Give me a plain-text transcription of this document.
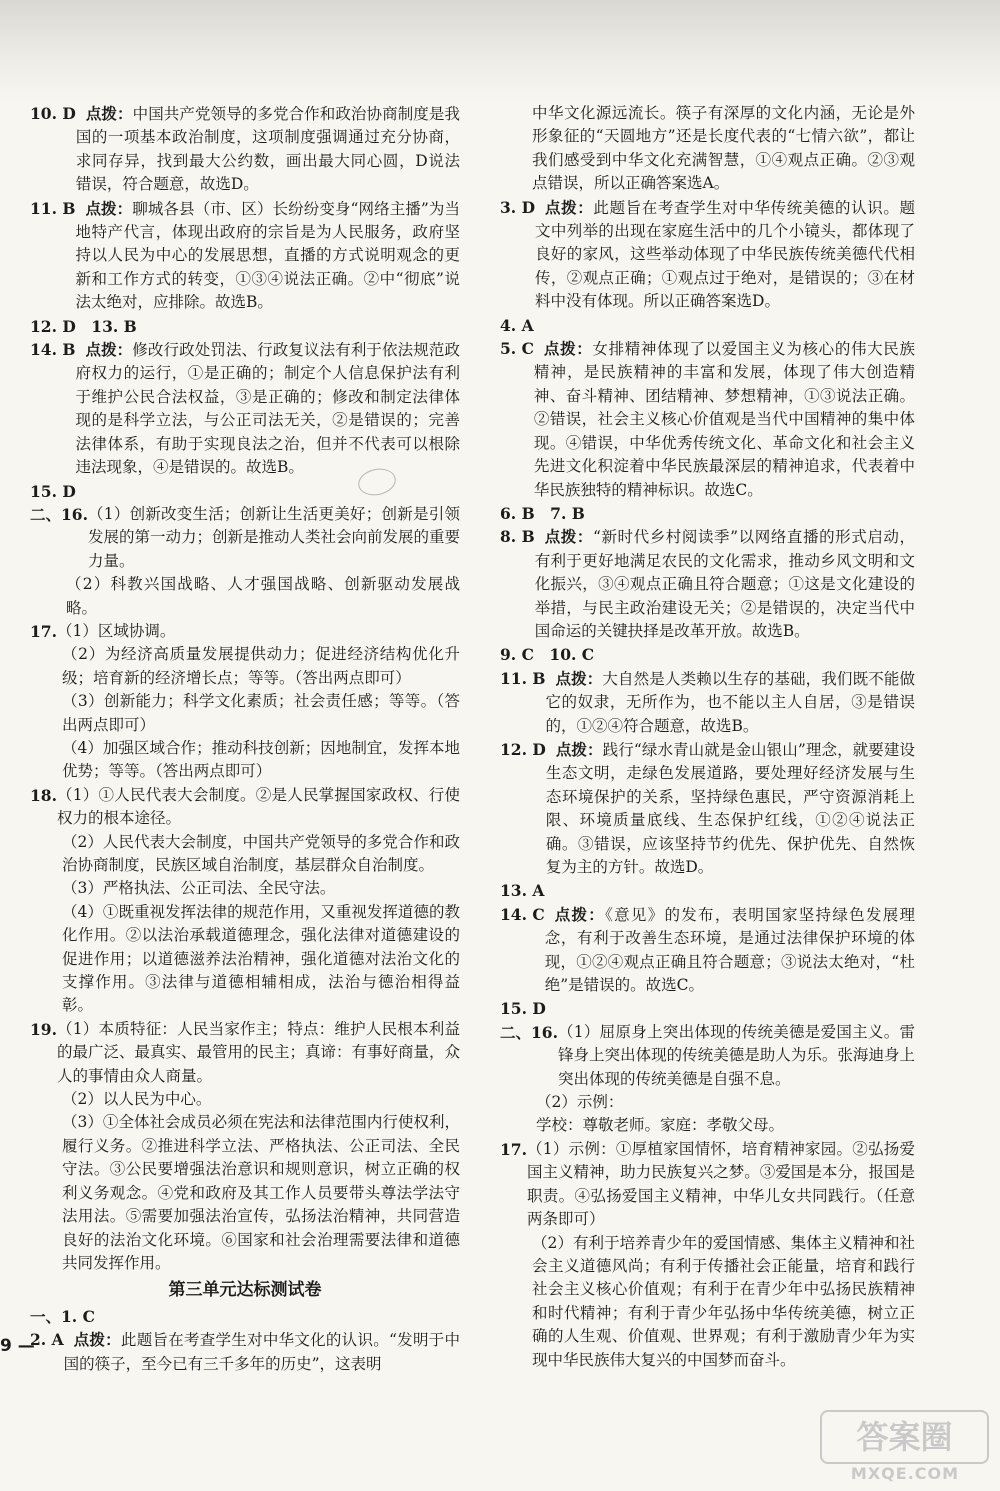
10. D 点拨：中国共产党领导的多党合作和政治协商制度是我国的一项基本政治制度，这项制度强调通过充分协商，求同存异，找到最大公约数，画出最大同心圆，D说法错误，符合题意，故选D。
11. B 点拨：聊城各县（市、区）长纷纷变身“网络主播”为当地特产代言，体现出政府的宗旨是为人民服务，政府坚持以人民为中心的发展思想，直播的方式说明观念的更新和工作方式的转变，①③④说法正确。②中“彻底”说法太绝对，应排除。故选B。
12. D　13. B
14. B 点拨：修改行政处罚法、行政复议法有利于依法规范政府权力的运行，①是正确的；制定个人信息保护法有利于维护公民合法权益，③是正确的；修改和制定法律体现的是科学立法，与公正司法无关，②是错误的；完善法律体系，有助于实现良法之治，但并不代表可以根除违法现象，④是错误的。故选B。
15. D
二、16. （1）创新改变生活；创新让生活更美好；创新是引领发展的第一动力；创新是推动人类社会向前发展的重要力量。
（2）科教兴国战略、人才强国战略、创新驱动发展战略。
17. （1）区域协调。
（2）为经济高质量发展提供动力；促进经济结构优化升级；培育新的经济增长点；等等。（答出两点即可）
（3）创新能力；科学文化素质；社会责任感；等等。（答出两点即可）
（4）加强区域合作；推动科技创新；因地制宜，发挥本地优势；等等。（答出两点即可）
18. （1）①人民代表大会制度。②是人民掌握国家政权、行使权力的根本途径。
（2）人民代表大会制度，中国共产党领导的多党合作和政治协商制度，民族区域自治制度，基层群众自治制度。
（3）严格执法、公正司法、全民守法。
（4）①既重视发挥法律的规范作用，又重视发挥道德的教化作用。②以法治承载道德理念，强化法律对道德建设的促进作用；以道德滋养法治精神，强化道德对法治文化的支撑作用。③法律与道德相辅相成，法治与德治相得益彰。
19. （1）本质特征：人民当家作主；特点：维护人民根本利益的最广泛、最真实、最管用的民主；真谛：有事好商量，众人的事情由众人商量。
（2）以人民为中心。
（3）①全体社会成员必须在宪法和法律范围内行使权利，履行义务。②推进科学立法、严格执法、公正司法、全民守法。③公民要增强法治意识和规则意识，树立正确的权利义务观念。④党和政府及其工作人员要带头尊法学法守法用法。⑤需要加强法治宣传，弘扬法治精神，共同营造良好的法治文化环境。⑥国家和社会治理需要法律和道德共同发挥作用。
第三单元达标测试卷
一、1. C
2. A 点拨：此题旨在考查学生对中华文化的认识。“发明于中国的筷子，至今已有三千多年的历史”，这表明
中华文化源远流长。筷子有深厚的文化内涵，无论是外形象征的“天圆地方”还是长度代表的“七情六欲”，都让我们感受到中华文化充满智慧，①④观点正确。②③观点错误，所以正确答案选A。
3. D 点拨：此题旨在考查学生对中华传统美德的认识。题文中列举的出现在家庭生活中的几个小镜头，都体现了良好的家风，这些举动体现了中华民族传统美德代代相传，②观点正确；①观点过于绝对，是错误的；③在材料中没有体现。所以正确答案选D。
4. A
5. C 点拨：女排精神体现了以爱国主义为核心的伟大民族精神，是民族精神的丰富和发展，体现了伟大创造精神、奋斗精神、团结精神、梦想精神，①③说法正确。②错误，社会主义核心价值观是当代中国精神的集中体现。④错误，中华优秀传统文化、革命文化和社会主义先进文化积淀着中华民族最深层的精神追求，代表着中华民族独特的精神标识。故选C。
6. B　7. B
8. B 点拨：“新时代乡村阅读季”以网络直播的形式启动，有利于更好地满足农民的文化需求，推动乡风文明和文化振兴，③④观点正确且符合题意；①这是文化建设的举措，与民主政治建设无关；②是错误的，决定当代中国命运的关键抉择是改革开放。故选B。
9. C　10. C
11. B 点拨：大自然是人类赖以生存的基础，我们既不能做它的奴隶，无所作为，也不能以主人自居，③是错误的，①②④符合题意，故选B。
12. D 点拨：践行“绿水青山就是金山银山”理念，就要建设生态文明，走绿色发展道路，要处理好经济发展与生态环境保护的关系，坚持绿色惠民，严守资源消耗上限、环境质量底线、生态保护红线，①②④说法正确。③错误，应该坚持节约优先、保护优先、自然恢复为主的方针。故选D。
13. A
14. C 点拨：《意见》的发布，表明国家坚持绿色发展理念，有利于改善生态环境，是通过法律保护环境的体现，①②④观点正确且符合题意；③说法太绝对，“杜绝”是错误的。故选C。
15. D
二、16. （1）屈原身上突出体现的传统美德是爱国主义。雷锋身上突出体现的传统美德是助人为乐。张海迪身上突出体现的传统美德是自强不息。
（2）示例：
学校：尊敬老师。家庭：孝敬父母。
17. （1）示例：①厚植家国情怀，培育精神家园。②弘扬爱国主义精神，助力民族复兴之梦。③爱国是本分，报国是职责。④弘扬爱国主义精神，中华儿女共同践行。（任意两条即可）
（2）有利于培养青少年的爱国情感、集体主义精神和社会主义道德风尚；有利于传播社会正能量，培育和践行社会主义核心价值观；有利于在青少年中弘扬民族精神和时代精神；有利于青少年弘扬中华传统美德，树立正确的人生观、价值观、世界观；有利于激励青少年为实现中华民族伟大复兴的中国梦而奋斗。
9 —
答案圈
MXQE.COM
